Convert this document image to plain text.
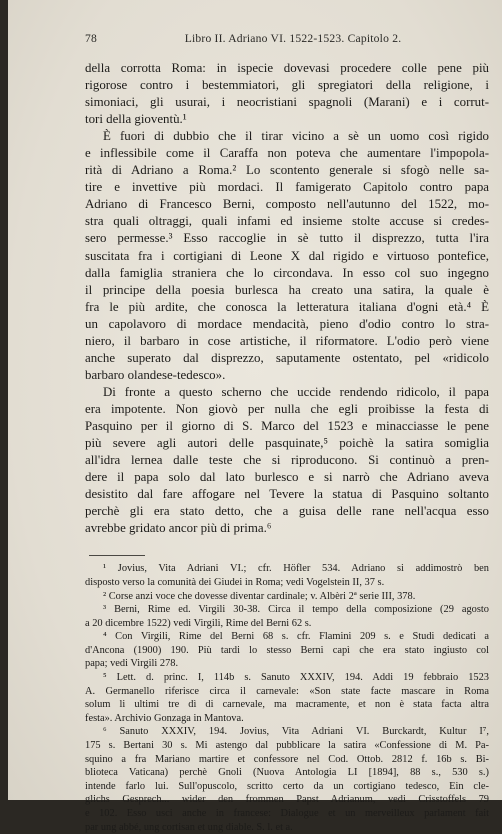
78	Libro II. Adriano VI. 1522-1523. Capitolo 2.
della corrotta Roma: in ispecie dovevasi procedere colle pene più
rigorose contro i bestemmiatori, gli spregiatori della religione, i
simoniaci, gli usurai, i neocristiani spagnoli (Marani) e i corrut-
tori della gioventù.¹
È fuori di dubbio che il tirar vicino a sè un uomo così rigido
e inflessibile come il Caraffa non poteva che aumentare l'impopola-
rità di Adriano a Roma.² Lo scontento generale si sfogò nelle sa-
tire e invettive più mordaci. Il famigerato Capitolo contro papa
Adriano di Francesco Berni, composto nell'autunno del 1522, mo-
stra quali oltraggi, quali infami ed insieme stolte accuse si credes-
sero permesse.³ Esso raccoglie in sè tutto il disprezzo, tutta l'ira
suscitata fra i cortigiani di Leone X dal rigido e virtuoso pontefice,
dalla famiglia straniera che lo circondava. In esso col suo ingegno
il principe della poesia burlesca ha creato una satira, la quale è
fra le più ardite, che conosca la letteratura italiana d'ogni età.⁴ È
un capolavoro di mordace mendacità, pieno d'odio contro lo stra-
niero, il barbaro in cose artistiche, il riformatore. L'odio però viene
anche superato dal disprezzo, saputamente ostentato, pel «ridicolo
barbaro olandese-tedesco».
Di fronte a questo scherno che uccide rendendo ridicolo, il papa
era impotente. Non giovò per nulla che egli proibisse la festa di
Pasquino per il giorno di S. Marco del 1523 e minacciasse le pene
più severe agli autori delle pasquinate,⁵ poichè la satira somiglia
all'idra lernea dalle teste che si riproducono. Si continuò a pren-
dere il papa solo dal lato burlesco e si narrò che Adriano aveva
desistito dal fare affogare nel Tevere la statua di Pasquino soltanto
perchè gli era stato detto, che a guisa delle rane nell'acqua esso
avrebbe gridato ancor più di prima.⁶
¹ Jovius, Vita Adriani VI.; cfr. Höfler 534. Adriano si addimostrò ben
disposto verso la comunità dei Giudei in Roma; vedi Vogelstein II, 37 s.
² Corse anzi voce che dovesse diventar cardinale; v. Albèri 2ª serie III, 378.
³ Berni, Rime ed. Virgili 30-38. Circa il tempo della composizione (29 agosto
a 20 dicembre 1522) vedi Virgili, Rime del Berni 62 s.
⁴ Con Virgili, Rime del Berni 68 s. cfr. Flamini 209 s. e Studi dedicati a
d'Ancona (1900) 190. Più tardi lo stesso Berni capì che era stato ingiusto col
papa; vedi Virgili 278.
⁵ Lett. d. princ. I, 114b s. Sanuto XXXIV, 194. Addi 19 febbraio 1523
A. Germanello riferisce circa il carnevale: «Son state facte mascare in Roma
solum li ultimi tre dì di carnevale, ma macramente, et non è stata facta altra
festa». Archivio Gonzaga in Mantova.
⁶ Sanuto XXXIV, 194. Jovius, Vita Adriani VI. Burckardt, Kultur I⁷,
175 s. Bertani 30 s. Mi astengo dal pubblicare la satira «Confessione di M. Pa-
squino a fra Mariano martire et confessore nel Cod. Ottob. 2812 f. 16b s. Bi-
blioteca Vaticana) perchè Gnoli (Nuova Antologia LI [1894], 88 s., 530 s.)
intende farlo lui. Sull'opuscolo, scritto certo da un cortigiano tedesco, Ein cle-
glichs Gesprech... wider den frommen Papst Adrianum, vedi Crisstoffels 79
e 102. Esso usci anche in francese: Dialogue et un merveilleux parlament fait
par ung abbé, ung cortisan et ung diable. S. l. et a.
